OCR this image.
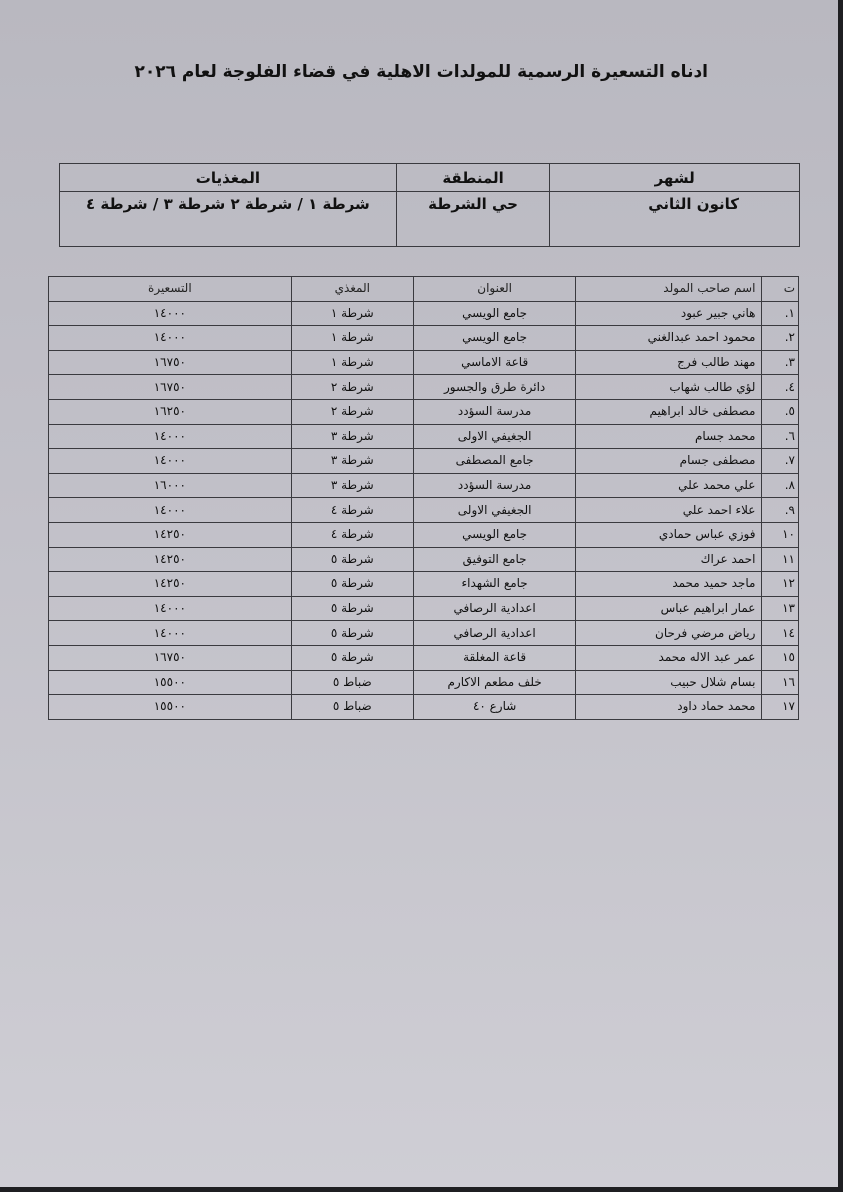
ادناه التسعيرة الرسمية للمولدات الاهلية في قضاء الفلوجة لعام ٢٠٢٦
لشهر	المنطقة	المغذيات
كانون الثاني	حي الشرطة	شرطة ١ / شرطة ٢ شرطة ٣ / شرطة ٤
ت	اسم صاحب المولد	العنوان	المغذي	التسعيرة
١.	هاني جبير عبود	جامع الويسي	شرطة ١	١٤٠٠٠
٢.	محمود احمد عبدالغني	جامع الويسي	شرطة ١	١٤٠٠٠
٣.	مهند طالب فرج	قاعة الاماسي	شرطة ١	١٦٧٥٠
٤.	لؤي طالب شهاب	دائرة طرق والجسور	شرطة ٢	١٦٧٥٠
٥.	مصطفى خالد ابراهيم	مدرسة السؤدد	شرطة ٢	١٦٢٥٠
٦.	محمد جسام	الجغيفي الاولى	شرطة ٣	١٤٠٠٠
٧.	مصطفى جسام	جامع المصطفى	شرطة ٣	١٤٠٠٠
٨.	علي محمد علي	مدرسة السؤدد	شرطة ٣	١٦٠٠٠
٩.	علاء احمد علي	الجغيفي الاولى	شرطة ٤	١٤٠٠٠
١٠	فوزي عباس حمادي	جامع الويسي	شرطة ٤	١٤٢٥٠
١١	احمد عراك	جامع التوفيق	شرطة ٥	١٤٢٥٠
١٢	ماجد حميد محمد	جامع الشهداء	شرطة ٥	١٤٢٥٠
١٣	عمار ابراهيم عباس	اعدادية الرصافي	شرطة ٥	١٤٠٠٠
١٤	رياض مرضي فرحان	اعدادية الرصافي	شرطة ٥	١٤٠٠٠
١٥	عمر عبد الاله محمد	قاعة المغلقة	شرطة ٥	١٦٧٥٠
١٦	بسام شلال حبيب	خلف مطعم الاكارم	ضباط ٥	١٥٥٠٠
١٧	محمد حماد داود	شارع ٤٠	ضباط ٥	١٥٥٠٠
